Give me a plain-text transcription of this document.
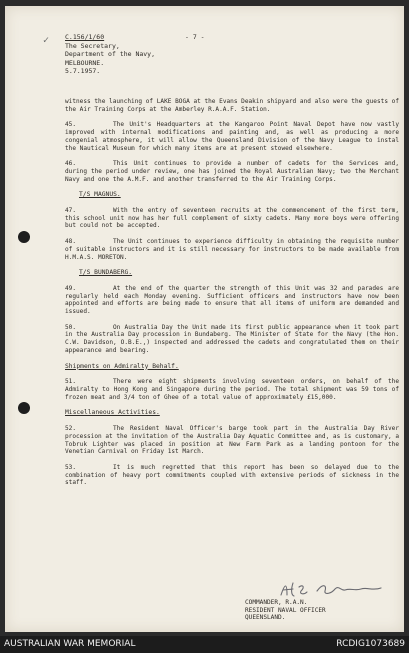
✓	- 7 -
C.156/1/60
The Secretary,
Department of the Navy,
MELBOURNE.
5.7.1957.

witness the launching of LAKE BOGA at the Evans Deakin shipyard and also were the guests of the Air Training Corps at the Amberley R.A.A.F. Station.

45.	The Unit's Headquarters at the Kangaroo Point Naval Depot have now vastly improved with internal modifications and painting and, as well as producing a more congenial atmosphere, it will allow the Queensland Division of the Navy League to instal the Nautical Museum for which many items are at present stowed elsewhere.

46.	This Unit continues to provide a number of cadets for the Services and, during the period under review, one has joined the Royal Australian Navy; two the Merchant Navy and one the A.M.F. and another transferred to the Air Training Corps.

T/S MAGNUS.

47.	With the entry of seventeen recruits at the commencement of the first term, this school unit now has her full complement of sixty cadets. Many more boys were offering but could not be accepted.

48.	The Unit continues to experience difficulty in obtaining the requisite number of suitable instructors and it is still necessary for instructors to be made available from H.M.A.S. MORETON.

T/S BUNDABERG.

49.	At the end of the quarter the strength of this Unit was 32 and parades are regularly held each Monday evening. Sufficient officers and instructors have now been appointed and efforts are being made to ensure that all items of uniform are demanded and issued.

50.	On Australia Day the Unit made its first public appearance when it took part in the Australia Day procession in Bundaberg. The Minister of State for the Navy (the Hon. C.W. Davidson, O.B.E.,) inspected and addressed the cadets and congratulated them on their appearance and bearing.

Shipments on Admiralty Behalf.

51.	There were eight shipments involving seventeen orders, on behalf of the Admiralty to Hong Kong and Singapore during the period. The total shipment was 59 tons of frozen meat and 3/4 ton of Ghee of a total value of approximately £15,000.

Miscellaneous Activities.

52.	The Resident Naval Officer's barge took part in the Australia Day River procession at the invitation of the Australia Day Aquatic Committee and, as is customary, a Tobruk Lighter was placed in position at New Farm Park as a landing pontoon for the Venetian Carnival on Friday 1st March.

53.	It is much regretted that this report has been so delayed due to the combination of heavy port commitments coupled with extensive periods of sickness in the staff.

COMMANDER, R.A.N.
RESIDENT NAVAL OFFICER
QUEENSLAND.
AUSTRALIAN WAR MEMORIAL	RCDIG1073689
